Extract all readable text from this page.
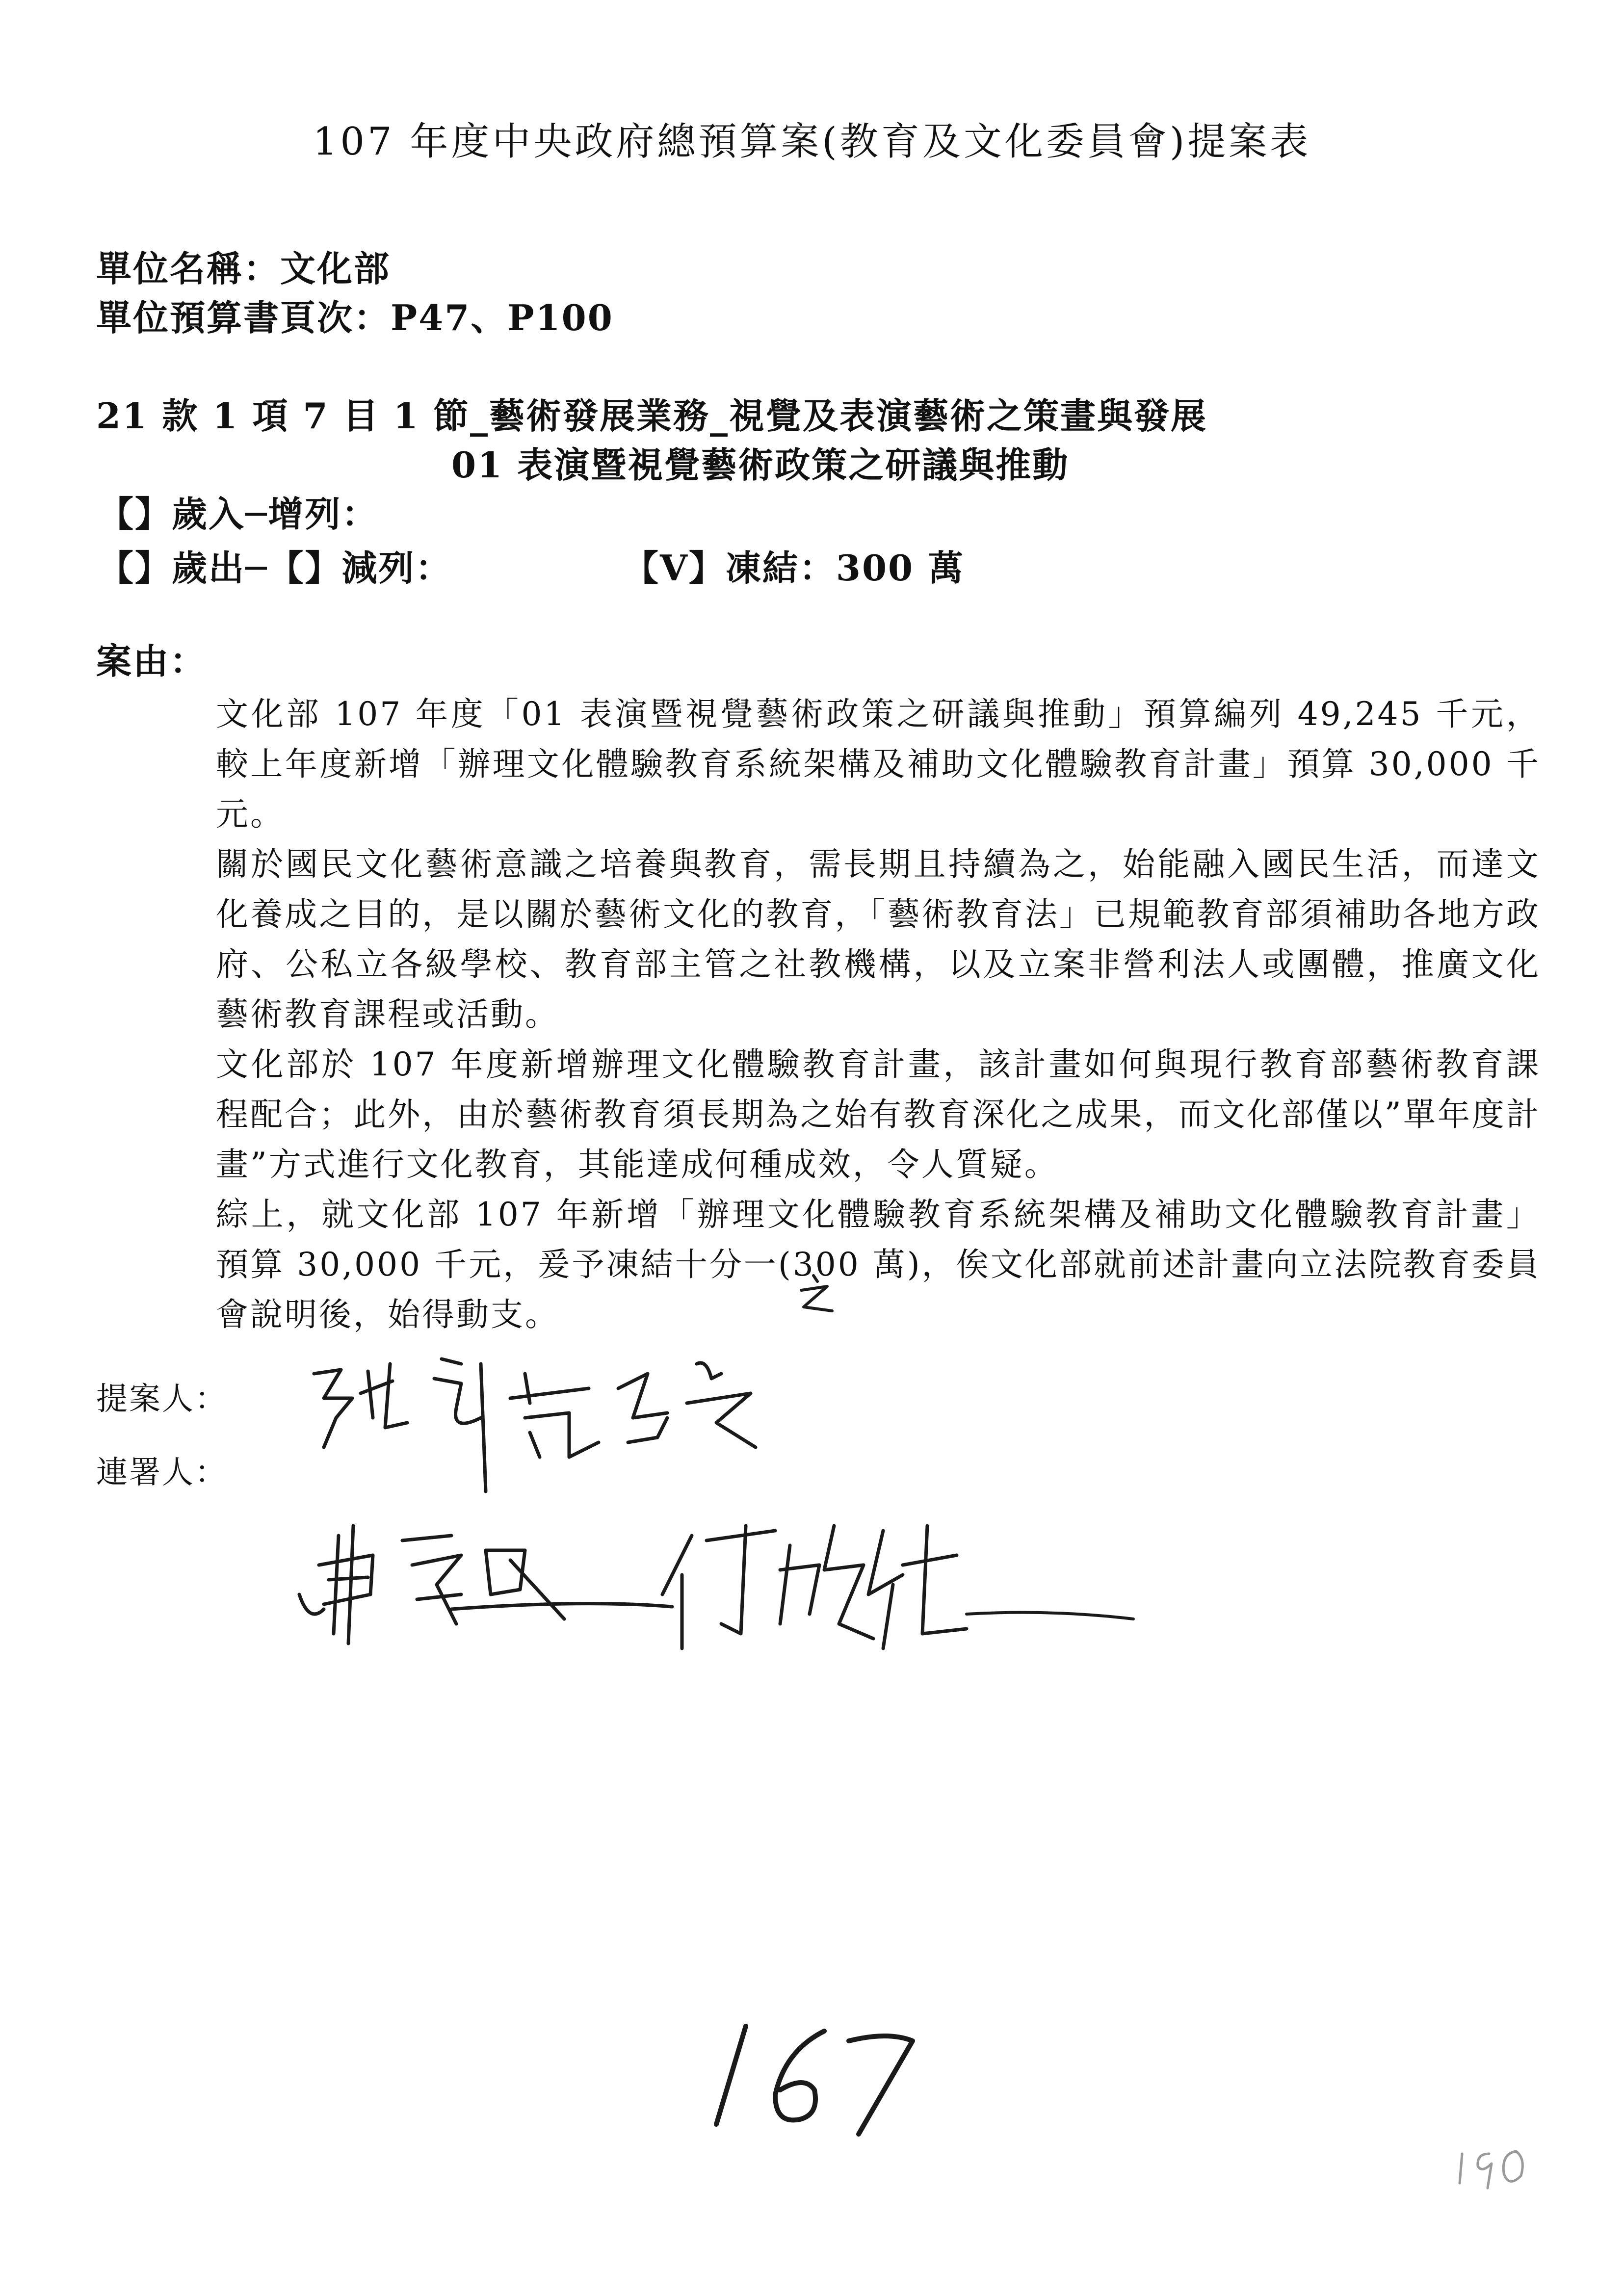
107 年度中央政府總預算案(教育及文化委員會)提案表
單位名稱：文化部
單位預算書頁次：P47、P100
21 款 1 項 7 目 1 節_藝術發展業務_視覺及表演藝術之策畫與發展
01 表演暨視覺藝術政策之研議與推動
【】歲入─增列：
【】歲出─【】減列：	【V】凍結：300 萬
案由：

文化部 107 年度「01 表演暨視覺藝術政策之研議與推動」預算編列 49,245 千元，較上年度新增「辦理文化體驗教育系統架構及補助文化體驗教育計畫」預算 30,000 千元。

關於國民文化藝術意識之培養與教育，需長期且持續為之，始能融入國民生活，而達文化養成之目的，是以關於藝術文化的教育，「藝術教育法」已規範教育部須補助各地方政府、公私立各級學校、教育部主管之社教機構，以及立案非營利法人或團體，推廣文化藝術教育課程或活動。

文化部於 107 年度新增辦理文化體驗教育計畫，該計畫如何與現行教育部藝術教育課程配合；此外，由於藝術教育須長期為之始有教育深化之成果，而文化部僅以”單年度計畫”方式進行文化教育，其能達成何種成效，令人質疑。

綜上，就文化部 107 年新增「辦理文化體驗教育系統架構及補助文化體驗教育計畫」預算 30,000 千元，爰予凍結十分一(300 萬)，俟文化部就前述計畫向立法院教育委員會說明後，始得動支。

提案人：
連署人：
